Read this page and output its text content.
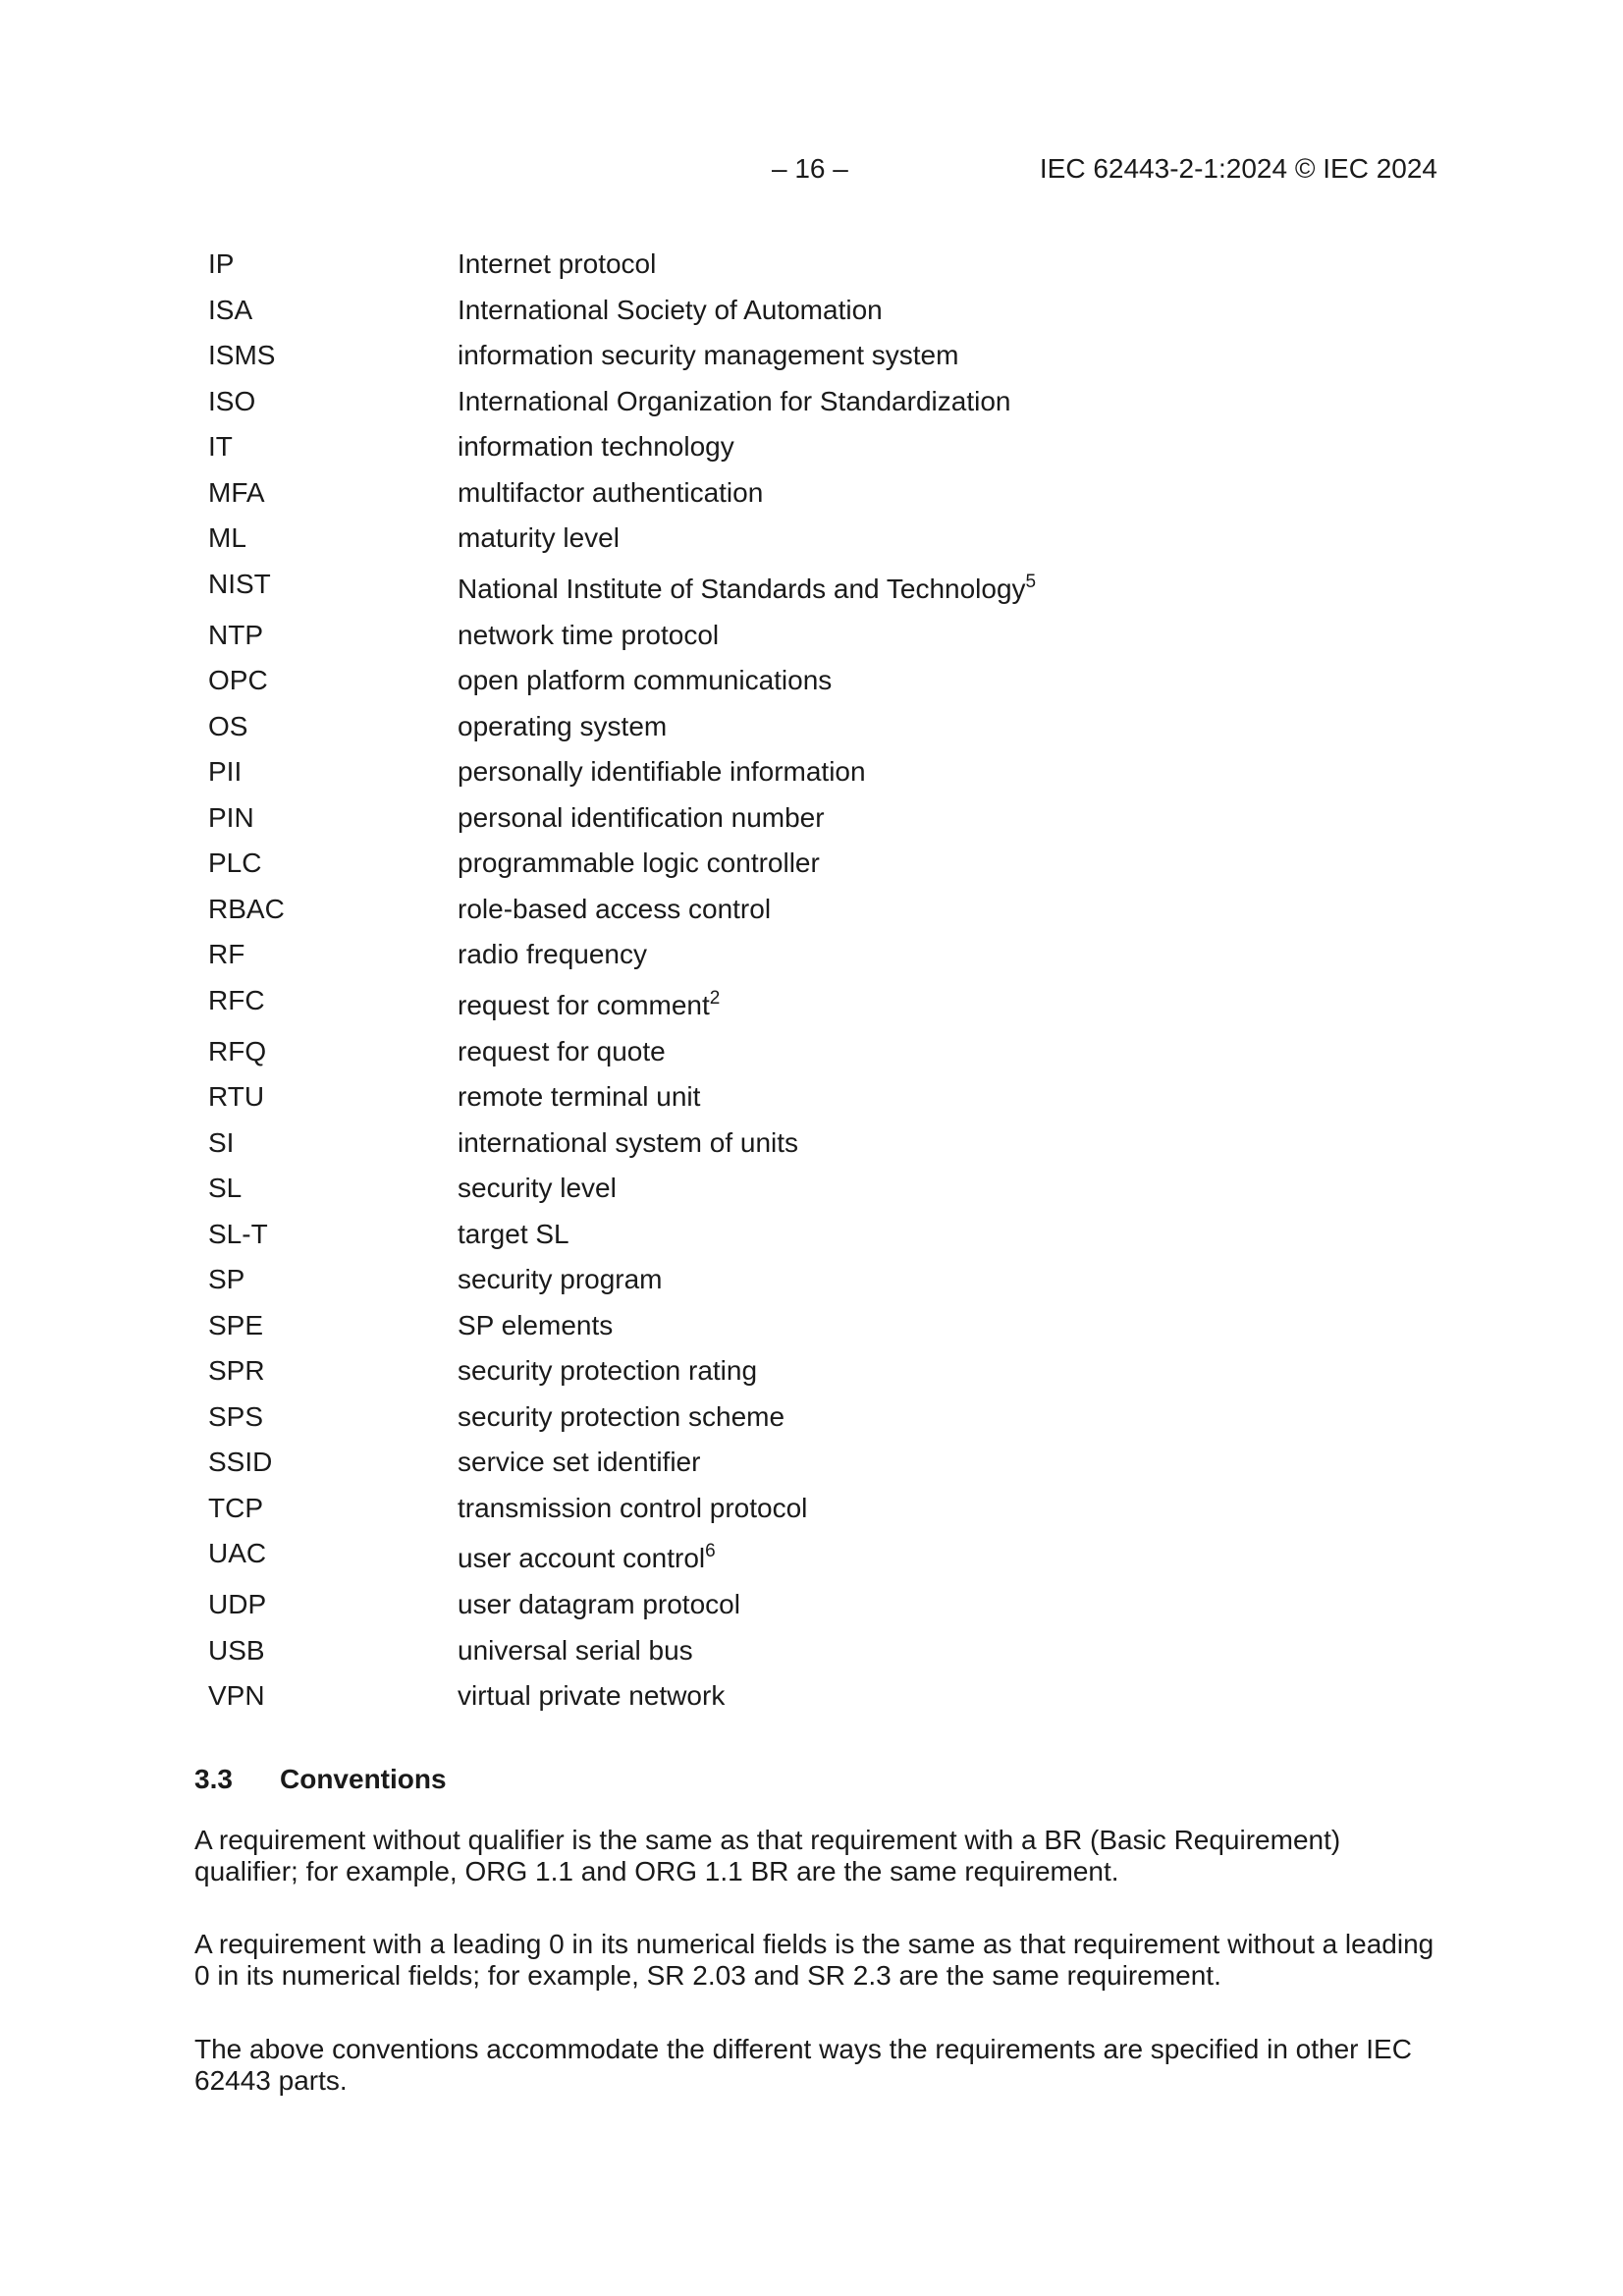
– 16 –	IEC 62443-2-1:2024 © IEC 2024
IP	Internet protocol
ISA	International Society of Automation
ISMS	information security management system
ISO	International Organization for Standardization
IT	information technology
MFA	multifactor authentication
ML	maturity level
NIST	National Institute of Standards and Technology$^5$
NTP	network time protocol
OPC	open platform communications
OS	operating system
PII	personally identifiable information
PIN	personal identification number
PLC	programmable logic controller
RBAC	role-based access control
RF	radio frequency
RFC	request for comment$^2$
RFQ	request for quote
RTU	remote terminal unit
SI	international system of units
SL	security level
SL-T	target SL
SP	security program
SPE	SP elements
SPR	security protection rating
SPS	security protection scheme
SSID	service set identifier
TCP	transmission control protocol
UAC	user account control$^6$
UDP	user datagram protocol
USB	universal serial bus
VPN	virtual private network
3.3 Conventions
A requirement without qualifier is the same as that requirement with a BR (Basic Requirement) qualifier; for example, ORG 1.1 and ORG 1.1 BR are the same requirement.
A requirement with a leading 0 in its numerical fields is the same as that requirement without a leading 0 in its numerical fields; for example, SR 2.03 and SR 2.3 are the same requirement.
The above conventions accommodate the different ways the requirements are specified in other IEC 62443 parts.
